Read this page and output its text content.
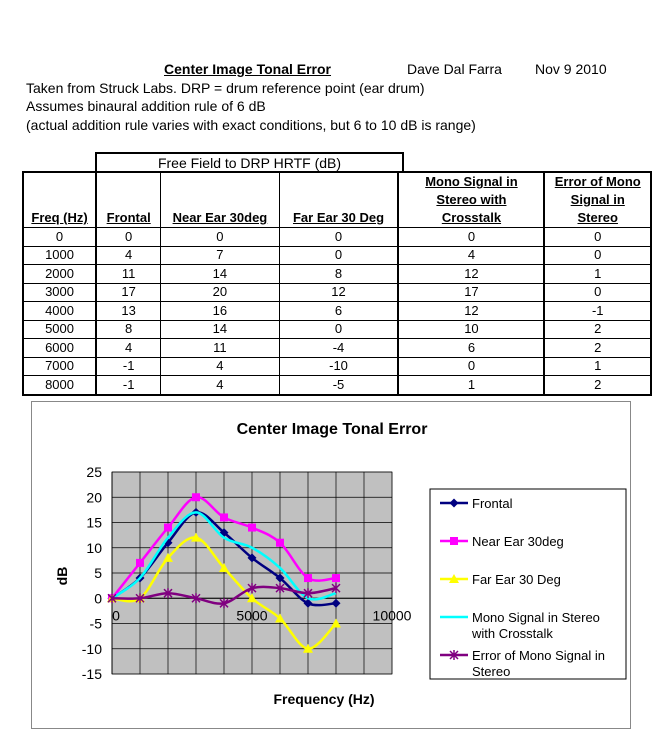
Center Image Tonal Error	Dave Dal Farra Nov 9 2010
Taken from Struck Labs. DRP = drum reference point (ear drum)
Assumes binaural addition rule of 6 dB
(actual addition rule varies with exact conditions, but 6 to 10 dB is range)
Free Field to DRP HRTF (dB)
Freq (Hz)	Frontal	Near Ear 30deg	Far Ear 30 Deg	Mono Signal in Stereo with Crosstalk	Error of Mono Signal in Stereo
0	0	0	0	0	0
1000	4	7	0	4	0
2000	11	14	8	12	1
3000	17	20	12	17	0
4000	13	16	6	12	-1
5000	8	14	0	10	2
6000	4	11	-4	6	2
7000	-1	4	-10	0	1
8000	-1	4	-5	1	2
Center Image Tonal Error
25
20
15
10
5
0
-5
-10
-15
0	5000	10000
Frequency (Hz)
dB
Frontal
Near Ear 30deg
Far Ear 30 Deg
Mono Signal in Stereo
with Crosstalk
Error of Mono Signal in
Stereo
